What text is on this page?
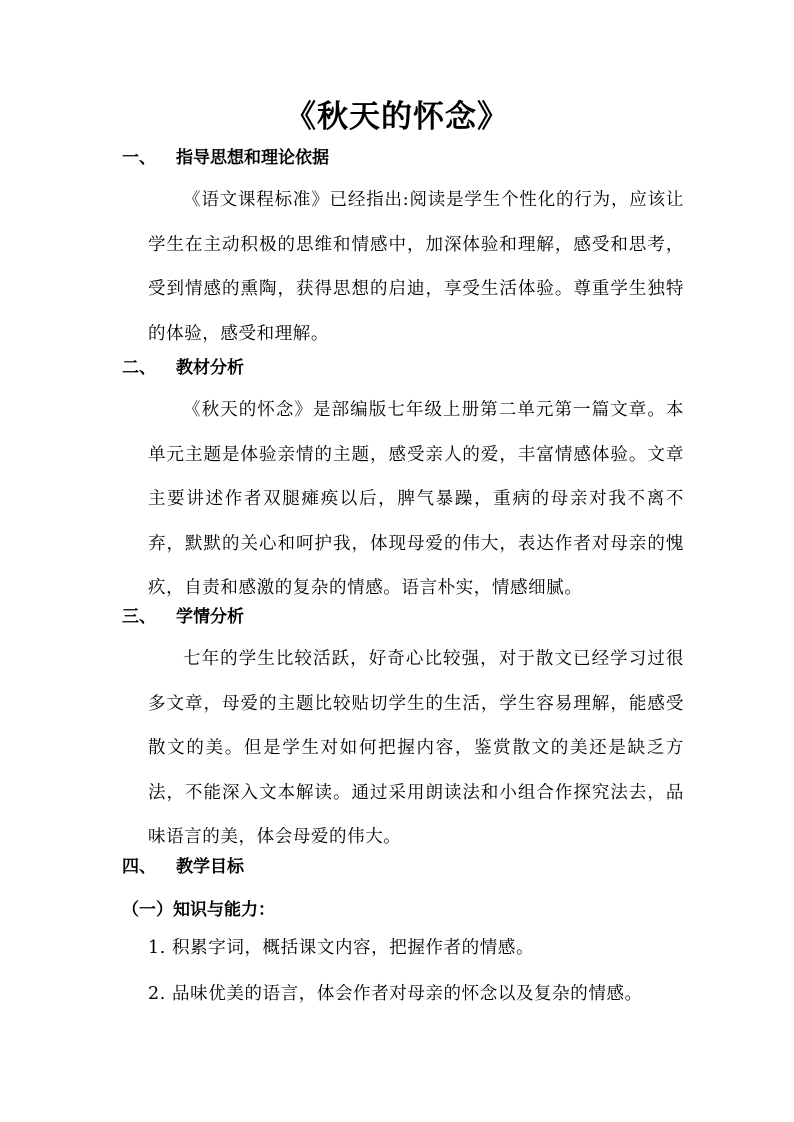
《秋天的怀念》
一、 指导思想和理论依据

《语文课程标准》已经指出:阅读是学生个性化的行为，应该让学生在主动积极的思维和情感中，加深体验和理解，感受和思考，受到情感的熏陶，获得思想的启迪，享受生活体验。尊重学生独特的体验，感受和理解。

二、 教材分析

《秋天的怀念》是部编版七年级上册第二单元第一篇文章。本单元主题是体验亲情的主题，感受亲人的爱，丰富情感体验。文章主要讲述作者双腿瘫痪以后，脾气暴躁，重病的母亲对我不离不弃，默默的关心和呵护我，体现母爱的伟大，表达作者对母亲的愧疚，自责和感激的复杂的情感。语言朴实，情感细腻。

三、 学情分析

七年的学生比较活跃，好奇心比较强，对于散文已经学习过很多文章，母爱的主题比较贴切学生的生活，学生容易理解，能感受散文的美。但是学生对如何把握内容，鉴赏散文的美还是缺乏方法，不能深入文本解读。通过采用朗读法和小组合作探究法去，品味语言的美，体会母爱的伟大。

四、 教学目标
（一）知识与能力：
1. 积累字词，概括课文内容，把握作者的情感。
2. 品味优美的语言，体会作者对母亲的怀念以及复杂的情感。
